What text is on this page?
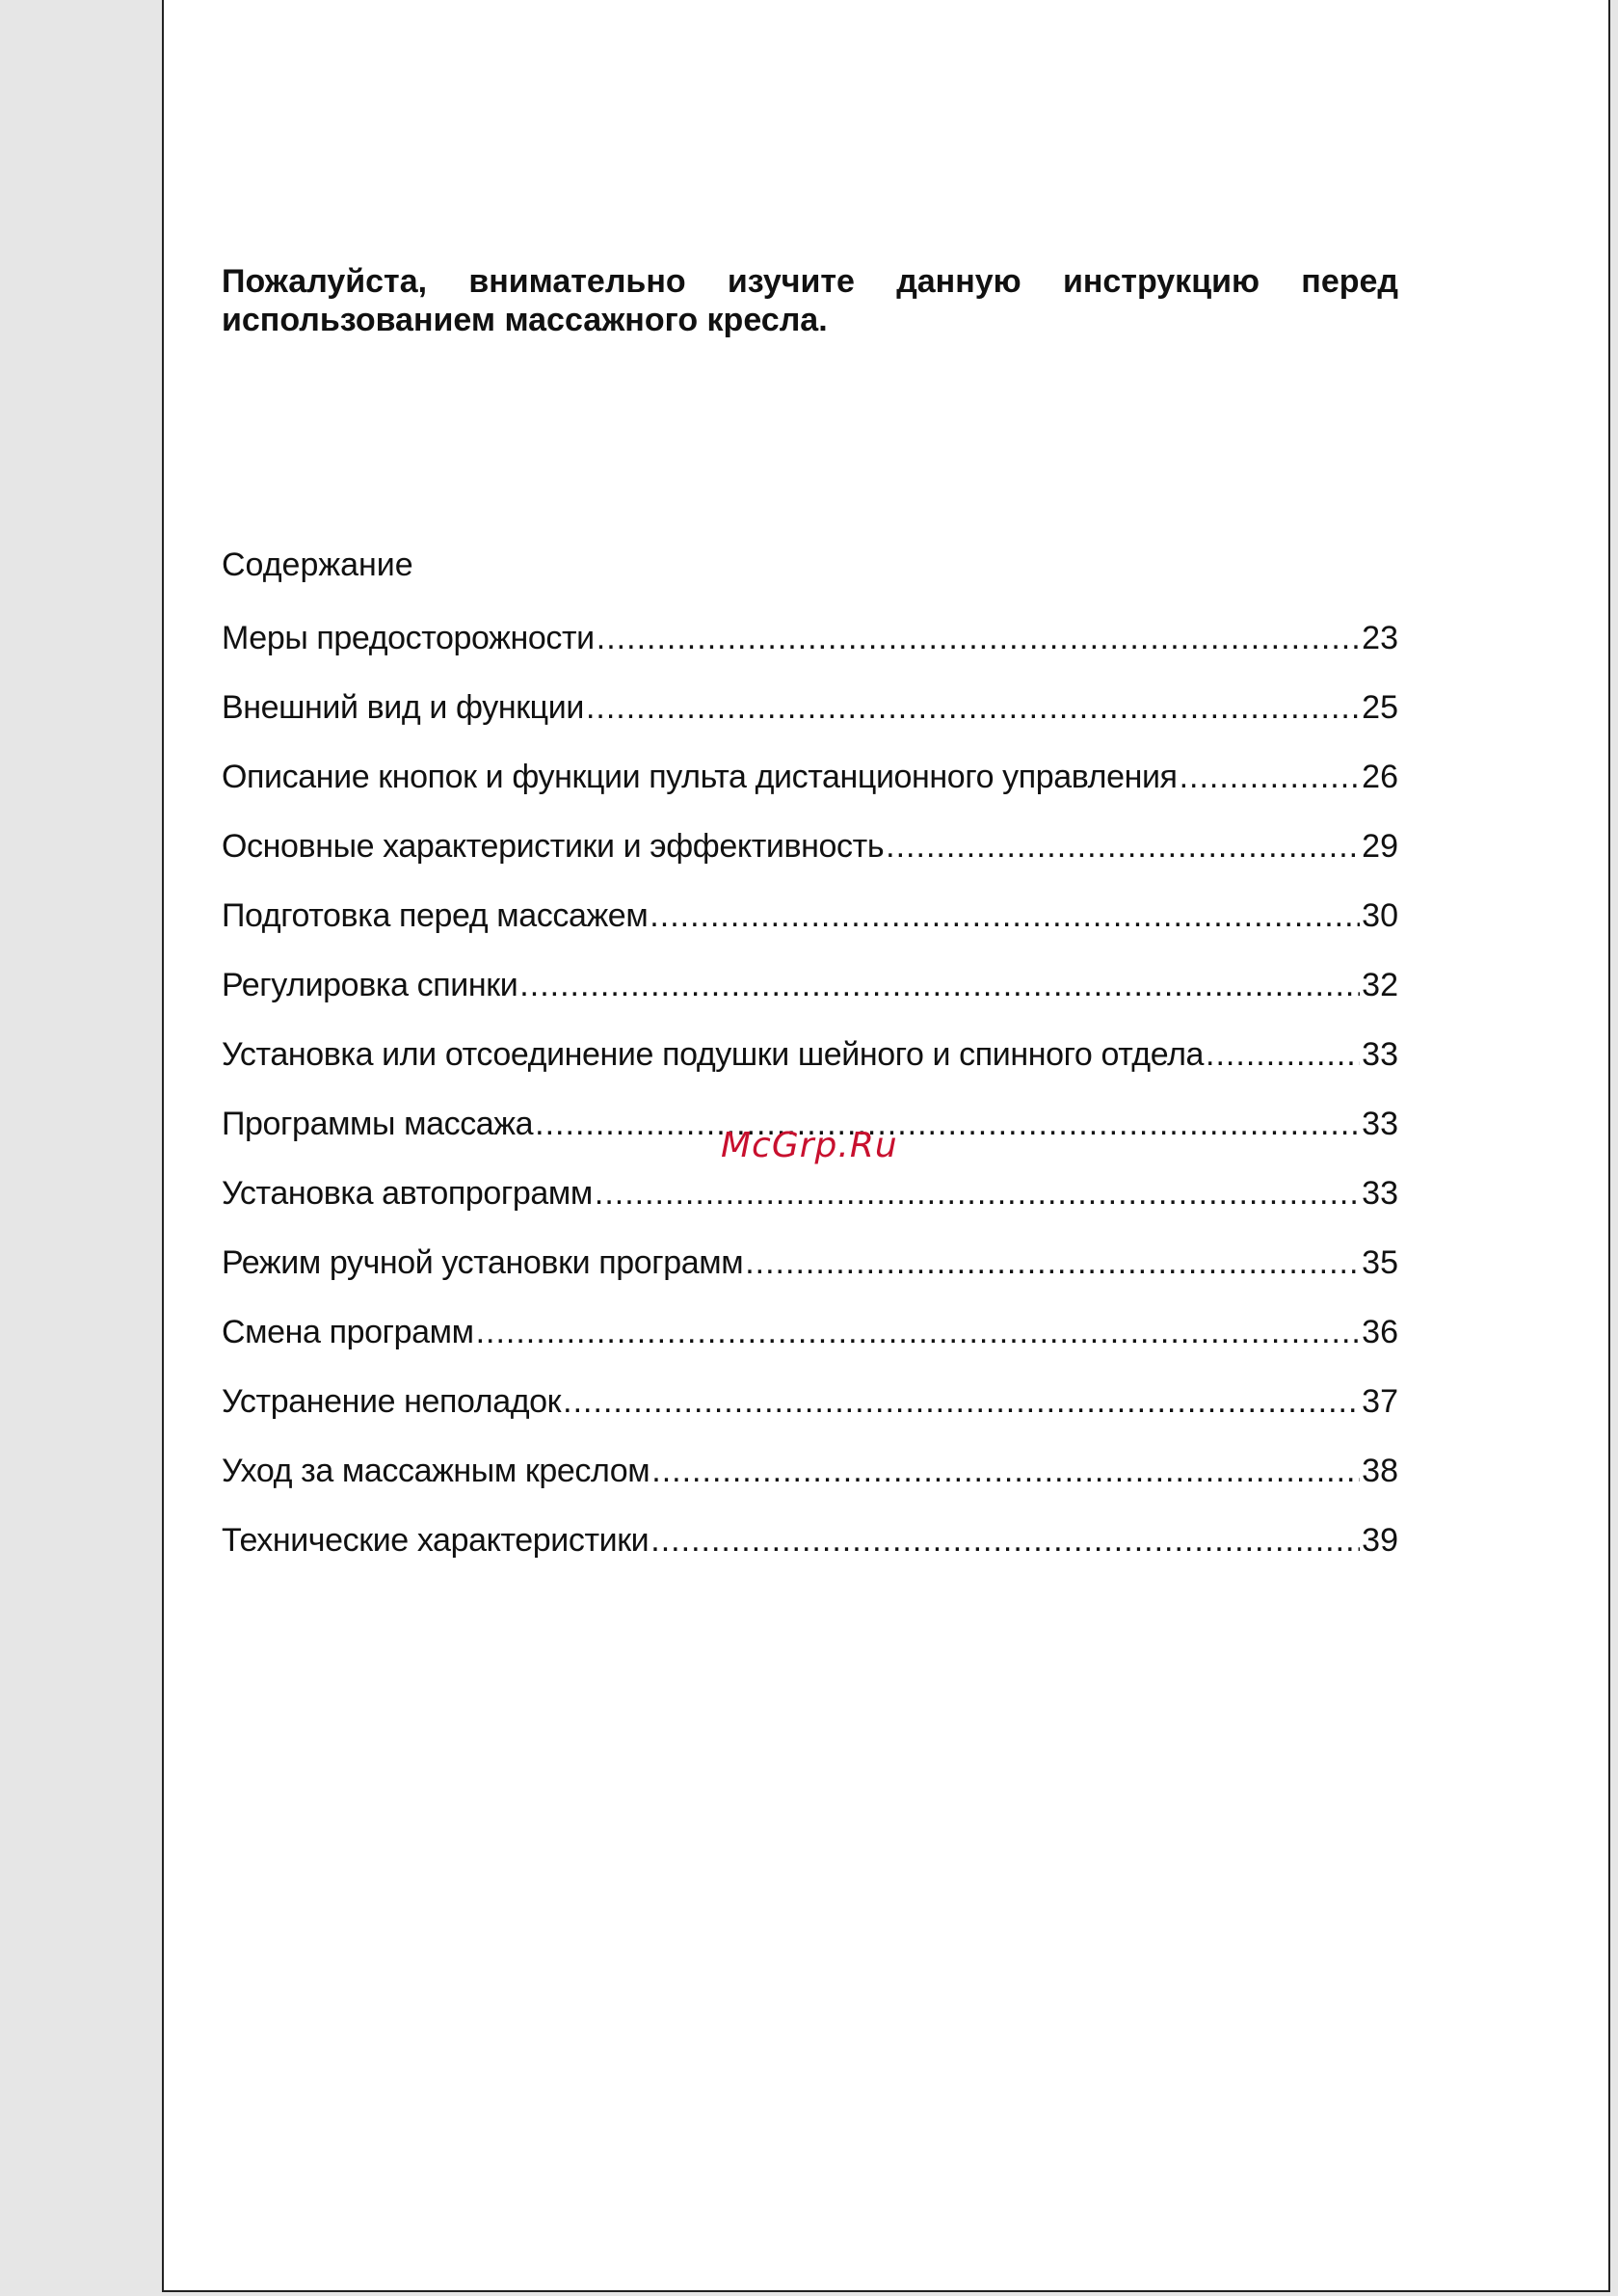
Пожалуйста, внимательно изучите данную инструкцию перед использованием массажного кресла.
Содержание
Меры предосторожности .....	23
Внешний вид и функции .....	25
Описание кнопок и функции пульта дистанционного управления .....	26
Основные характеристики и эффективность .....	29
Подготовка перед массажем .....	30
Регулировка спинки .....	32
Установка или отсоединение подушки шейного и спинного отдела .....	33
Программы массажа .....	33
Установка автопрограмм .....	33
Режим ручной установки программ .....	35
Смена программ .....	36
Устранение неполадок .....	37
Уход за массажным креслом .....	38
Технические характеристики .....	39
McGrp.Ru
